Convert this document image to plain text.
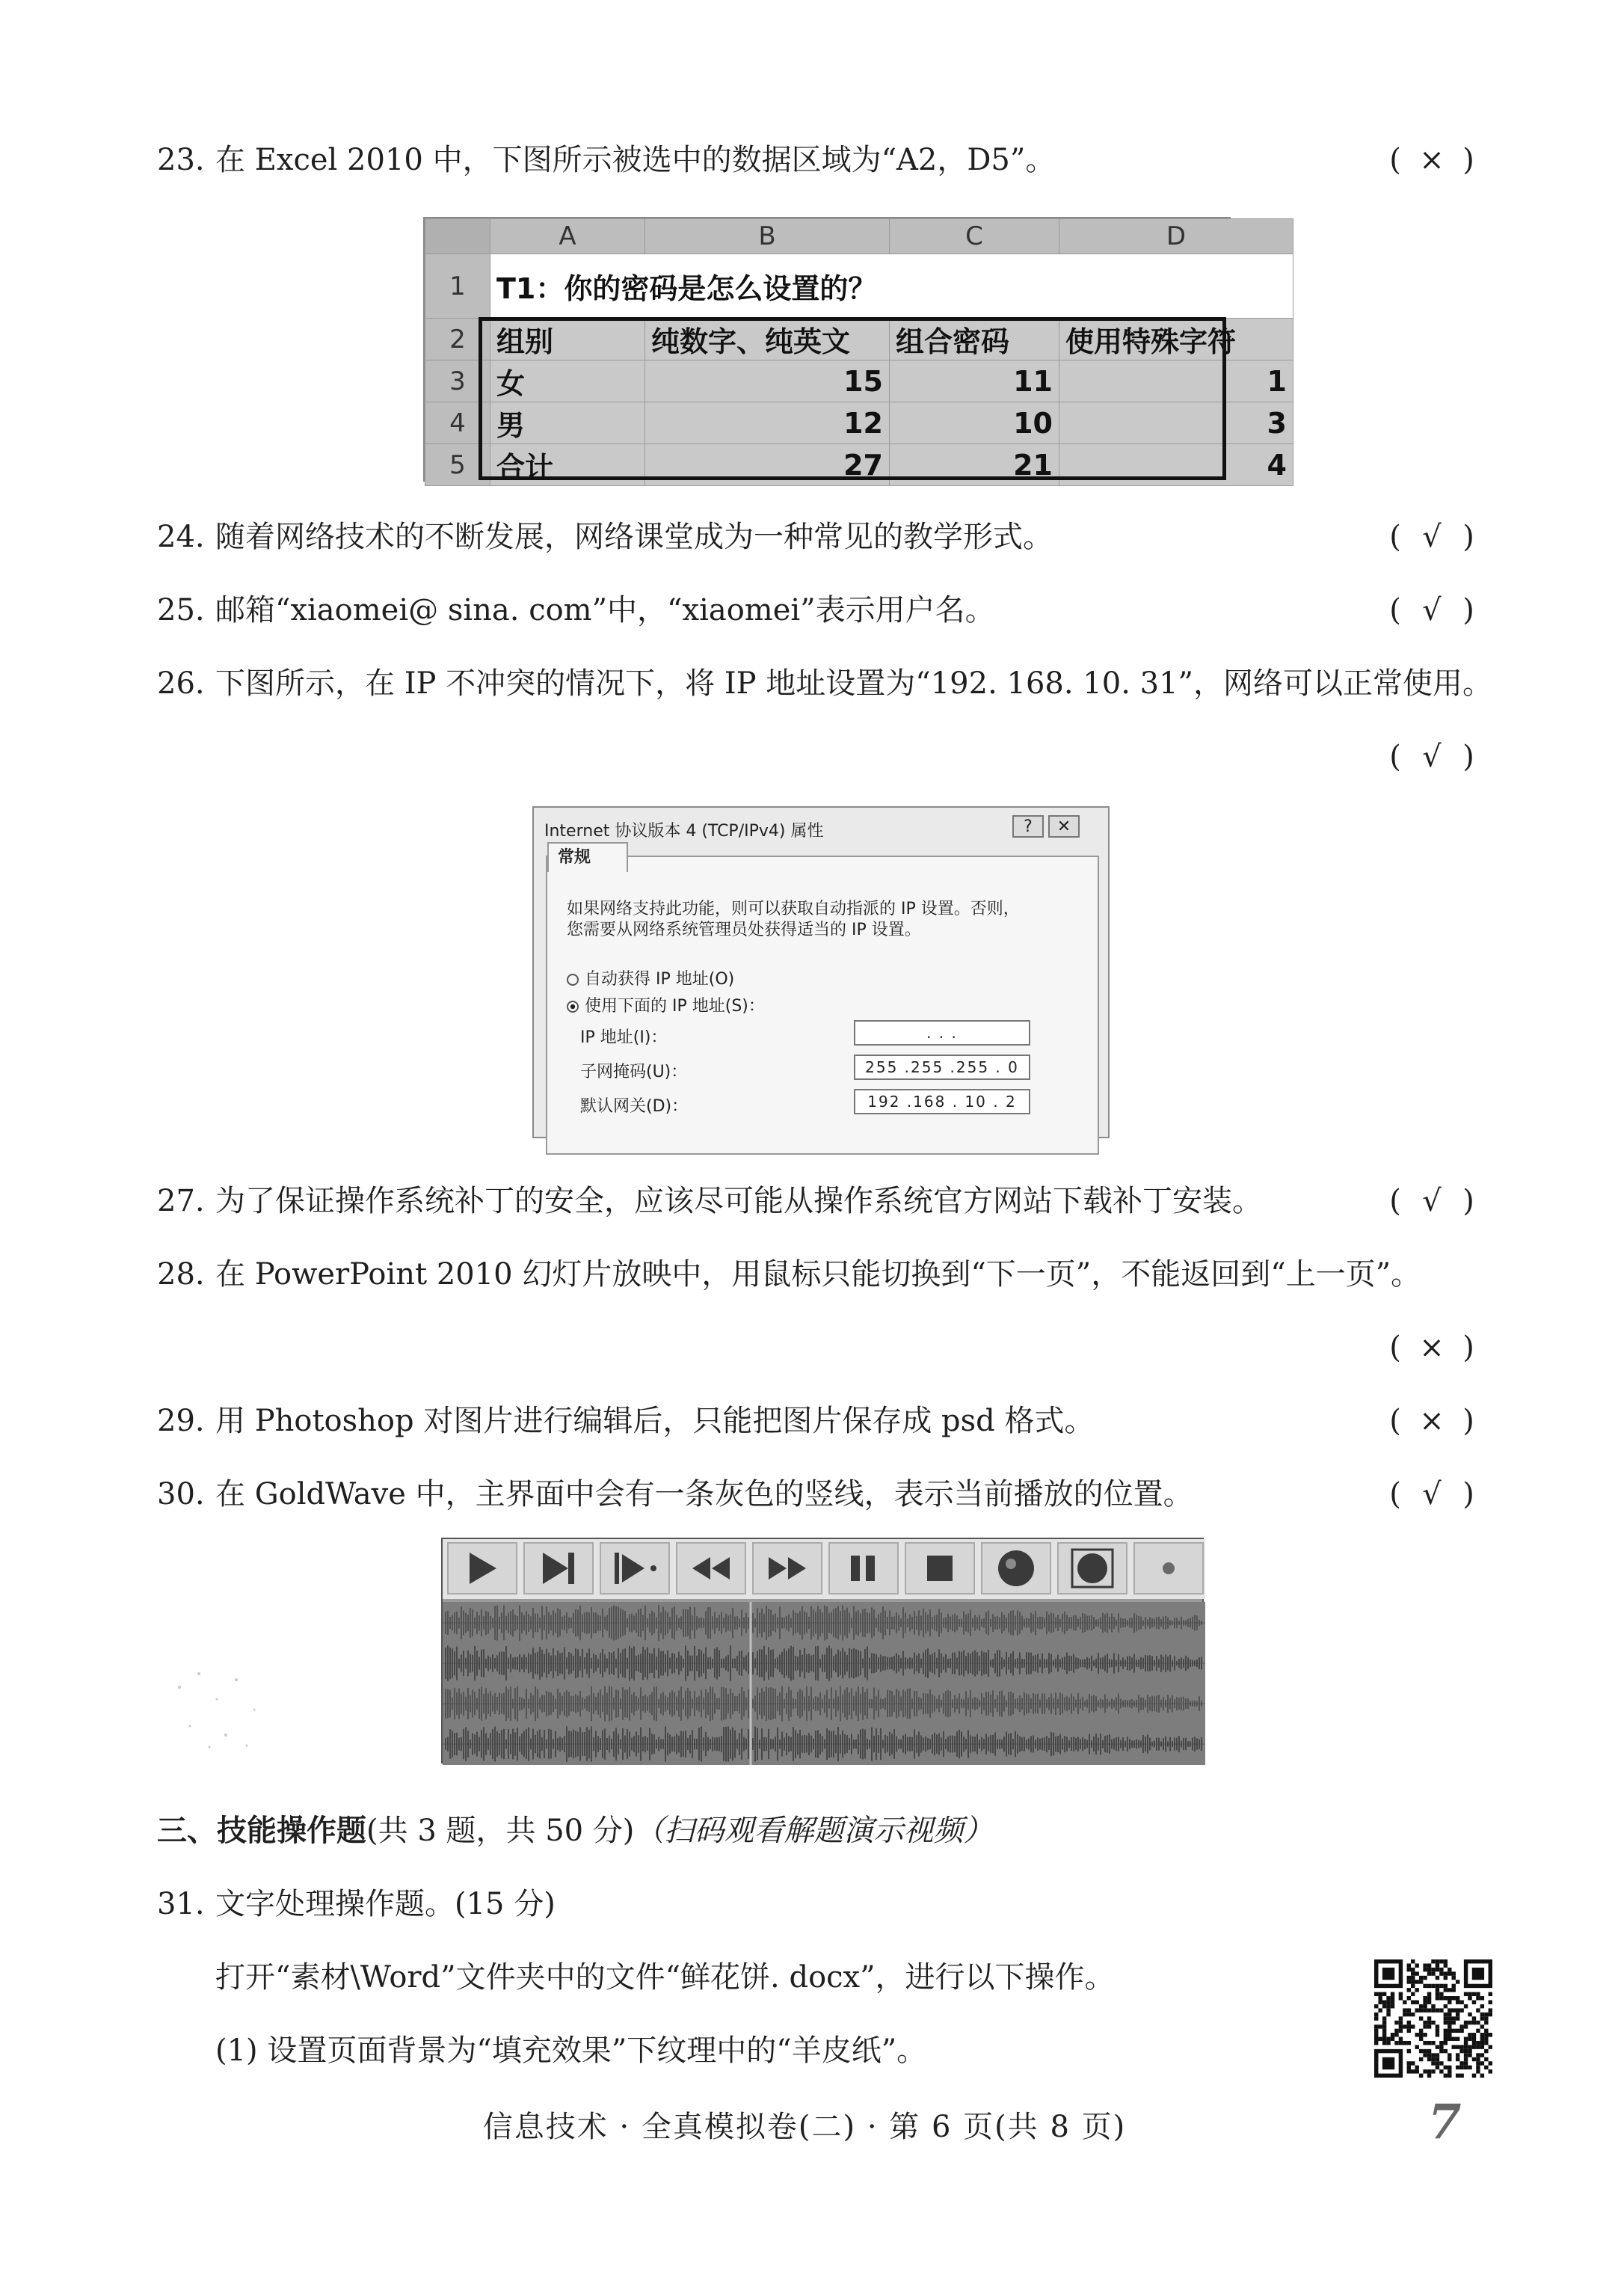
23. 在 Excel 2010 中，下图所示被选中的数据区域为“A2，D5”。	( × )
	A	B	C	D
1	T1：你的密码是怎么设置的？			
2	组别	纯数字、纯英文	组合密码	使用特殊字符
3	女	15	11	1
4	男	12	10	3
5	合计	27	21	4
24. 随着网络技术的不断发展，网络课堂成为一种常见的教学形式。	( √ )
25. 邮箱“xiaomei@ sina. com”中，“xiaomei”表示用户名。	( √ )
26. 下图所示，在 IP 不冲突的情况下，将 IP 地址设置为“192. 168. 10. 31”，网络可以正常使用。
( √ )
Internet 协议版本 4 (TCP/IPv4) 属性	?	✕
常规
如果网络支持此功能，则可以获取自动指派的 IP 设置。否则，
您需要从网络系统管理员处获得适当的 IP 设置。
自动获得 IP 地址(O)
使用下面的 IP 地址(S)：
IP 地址(I)：	. . .
子网掩码(U)：	255 .255 .255 . 0
默认网关(D)：	192 .168 . 10 . 2
27. 为了保证操作系统补丁的安全，应该尽可能从操作系统官方网站下载补丁安装。	( √ )
28. 在 PowerPoint 2010 幻灯片放映中，用鼠标只能切换到“下一页”，不能返回到“上一页”。
( × )
29. 用 Photoshop 对图片进行编辑后，只能把图片保存成 psd 格式。	( × )
30. 在 GoldWave 中，主界面中会有一条灰色的竖线，表示当前播放的位置。	( √ )
三、技能操作题(共 3 题，共 50 分)（扫码观看解题演示视频）
31. 文字处理操作题。(15 分)
打开“素材\Word”文件夹中的文件“鲜花饼. docx”，进行以下操作。
(1) 设置页面背景为“填充效果”下纹理中的“羊皮纸”。
信息技术 · 全真模拟卷(二) · 第 6 页(共 8 页)	7
